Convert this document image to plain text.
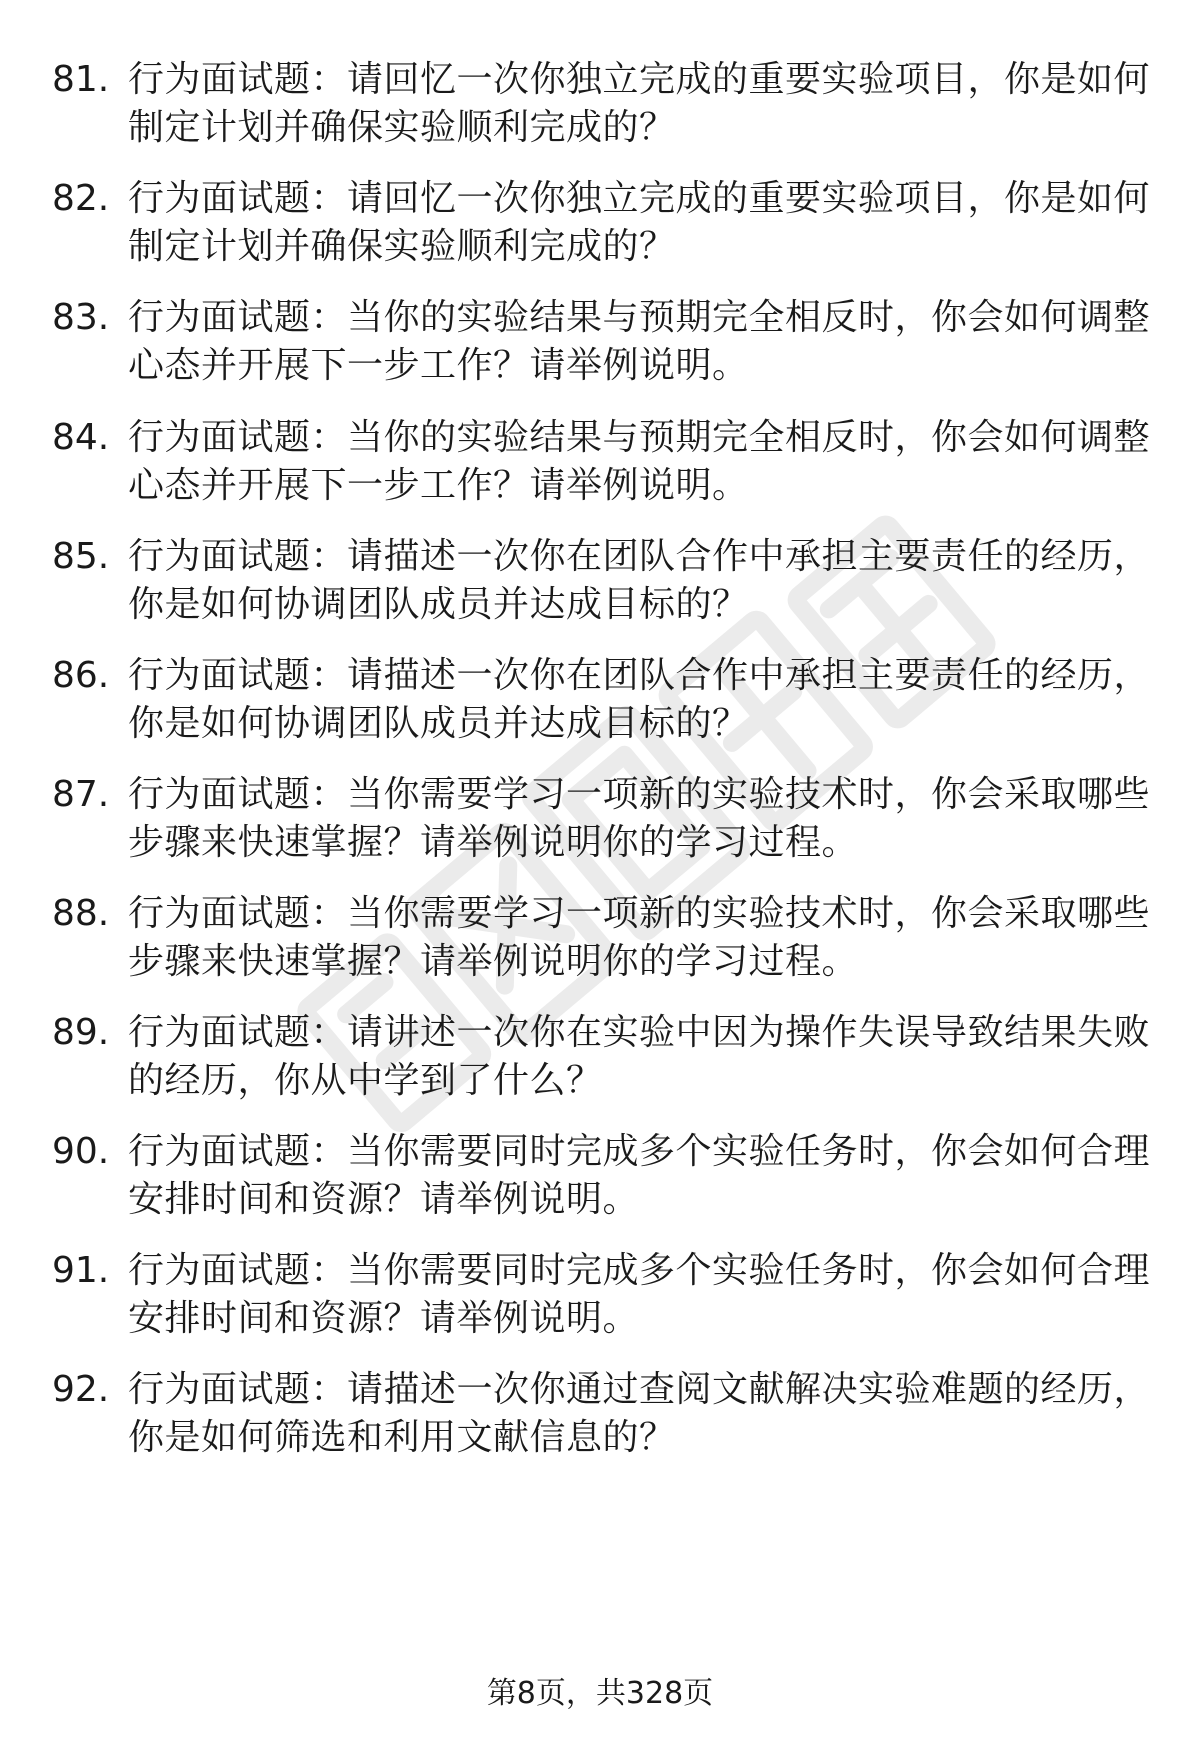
81. 行为面试题：请回忆一次你独立完成的重要实验项目，你是如何
制定计划并确保实验顺利完成的？
82. 行为面试题：请回忆一次你独立完成的重要实验项目，你是如何
制定计划并确保实验顺利完成的？
83. 行为面试题：当你的实验结果与预期完全相反时，你会如何调整
心态并开展下一步工作？请举例说明。
84. 行为面试题：当你的实验结果与预期完全相反时，你会如何调整
心态并开展下一步工作？请举例说明。
85. 行为面试题：请描述一次你在团队合作中承担主要责任的经历，
你是如何协调团队成员并达成目标的？
86. 行为面试题：请描述一次你在团队合作中承担主要责任的经历，
你是如何协调团队成员并达成目标的？
87. 行为面试题：当你需要学习一项新的实验技术时，你会采取哪些
步骤来快速掌握？请举例说明你的学习过程。
88. 行为面试题：当你需要学习一项新的实验技术时，你会采取哪些
步骤来快速掌握？请举例说明你的学习过程。
89. 行为面试题：请讲述一次你在实验中因为操作失误导致结果失败
的经历，你从中学到了什么？
90. 行为面试题：当你需要同时完成多个实验任务时，你会如何合理
安排时间和资源？请举例说明。
91. 行为面试题：当你需要同时完成多个实验任务时，你会如何合理
安排时间和资源？请举例说明。
92. 行为面试题：请描述一次你通过查阅文献解决实验难题的经历，
你是如何筛选和利用文献信息的？
第8页，共328页
